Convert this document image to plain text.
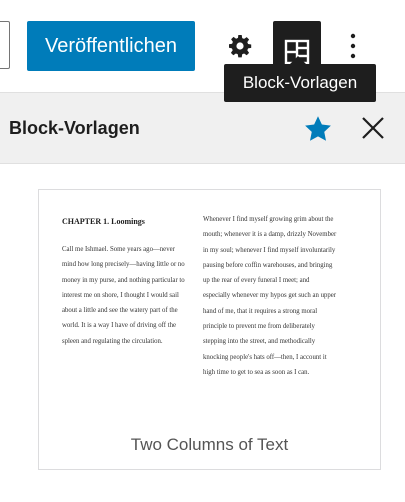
Veröffentlichen
Block-Vorlagen
Block-Vorlagen

CHAPTER 1. Loomings

Call me Ishmael. Some years ago—never mind how long precisely—having little or no money in my purse, and nothing particular to interest me on shore, I thought I would sail about a little and see the watery part of the world. It is a way I have of driving off the spleen and regulating the circulation.

Whenever I find myself growing grim about the mouth; whenever it is a damp, drizzly November in my soul; whenever I find myself involuntarily pausing before coffin warehouses, and bringing up the rear of every funeral I meet; and especially whenever my hypos get such an upper hand of me, that it requires a strong moral principle to prevent me from deliberately stepping into the street, and methodically knocking people's hats off—then, I account it high time to get to sea as soon as I can.

Two Columns of Text
